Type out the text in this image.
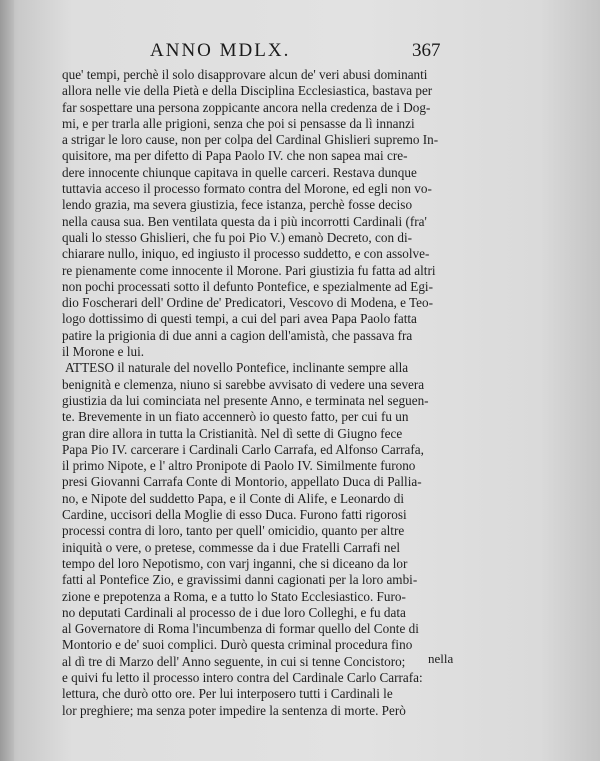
ANNO MDLX.	367
que' tempi, perchè il solo disapprovare alcun de' veri abusi dominanti
allora nelle vie della Pietà e della Disciplina Ecclesiastica, bastava per
far sospettare una persona zoppicante ancora nella credenza de i Dog-
mi, e per trarla alle prigioni, senza che poi si pensasse da lì innanzi
a strigar le loro cause, non per colpa del Cardinal Ghislieri supremo In-
quisitore, ma per difetto di Papa Paolo IV. che non sapea mai cre-
dere innocente chiunque capitava in quelle carceri. Restava dunque
tuttavia acceso il processo formato contra del Morone, ed egli non vo-
lendo grazia, ma severa giustizia, fece istanza, perchè fosse deciso
nella causa sua. Ben ventilata questa da i più incorrotti Cardinali (fra'
quali lo stesso Ghislieri, che fu poi Pio V.) emanò Decreto, con di-
chiarare nullo, iniquo, ed ingiusto il processo suddetto, e con assolve-
re pienamente come innocente il Morone. Pari giustizia fu fatta ad altri
non pochi processati sotto il defunto Pontefice, e spezialmente ad Egi-
dio Foscherari dell' Ordine de' Predicatori, Vescovo di Modena, e Teo-
logo dottissimo di questi tempi, a cui del pari avea Papa Paolo fatta
patire la prigionia di due anni a cagion dell'amistà, che passava fra
il Morone e lui.
ATTESO il naturale del novello Pontefice, inclinante sempre alla
benignità e clemenza, niuno si sarebbe avvisato di vedere una severa
giustizia da lui cominciata nel presente Anno, e terminata nel seguen-
te. Brevemente in un fiato accennerò io questo fatto, per cui fu un
gran dire allora in tutta la Cristianità. Nel dì sette di Giugno fece
Papa Pio IV. carcerare i Cardinali Carlo Carrafa, ed Alfonso Carrafa,
il primo Nipote, e l' altro Pronipote di Paolo IV. Similmente furono
presi Giovanni Carrafa Conte di Montorio, appellato Duca di Pallia-
no, e Nipote del suddetto Papa, e il Conte di Alife, e Leonardo di
Cardine, uccisori della Moglie di esso Duca. Furono fatti rigorosi
processi contra di loro, tanto per quell' omicidio, quanto per altre
iniquità o vere, o pretese, commesse da i due Fratelli Carrafi nel
tempo del loro Nepotismo, con varj inganni, che si diceano da lor
fatti al Pontefice Zio, e gravissimi danni cagionati per la loro ambi-
zione e prepotenza a Roma, e a tutto lo Stato Ecclesiastico. Furo-
no deputati Cardinali al processo de i due loro Colleghi, e fu data
al Governatore di Roma l'incumbenza di formar quello del Conte di
Montorio e de' suoi complici. Durò questa criminal procedura fino
al dì tre di Marzo dell' Anno seguente, in cui si tenne Concistoro;
e quivi fu letto il processo intero contra del Cardinale Carlo Carrafa:
lettura, che durò otto ore. Per lui interposero tutti i Cardinali le
lor preghiere; ma senza poter impedire la sentenza di morte. Però
nella
